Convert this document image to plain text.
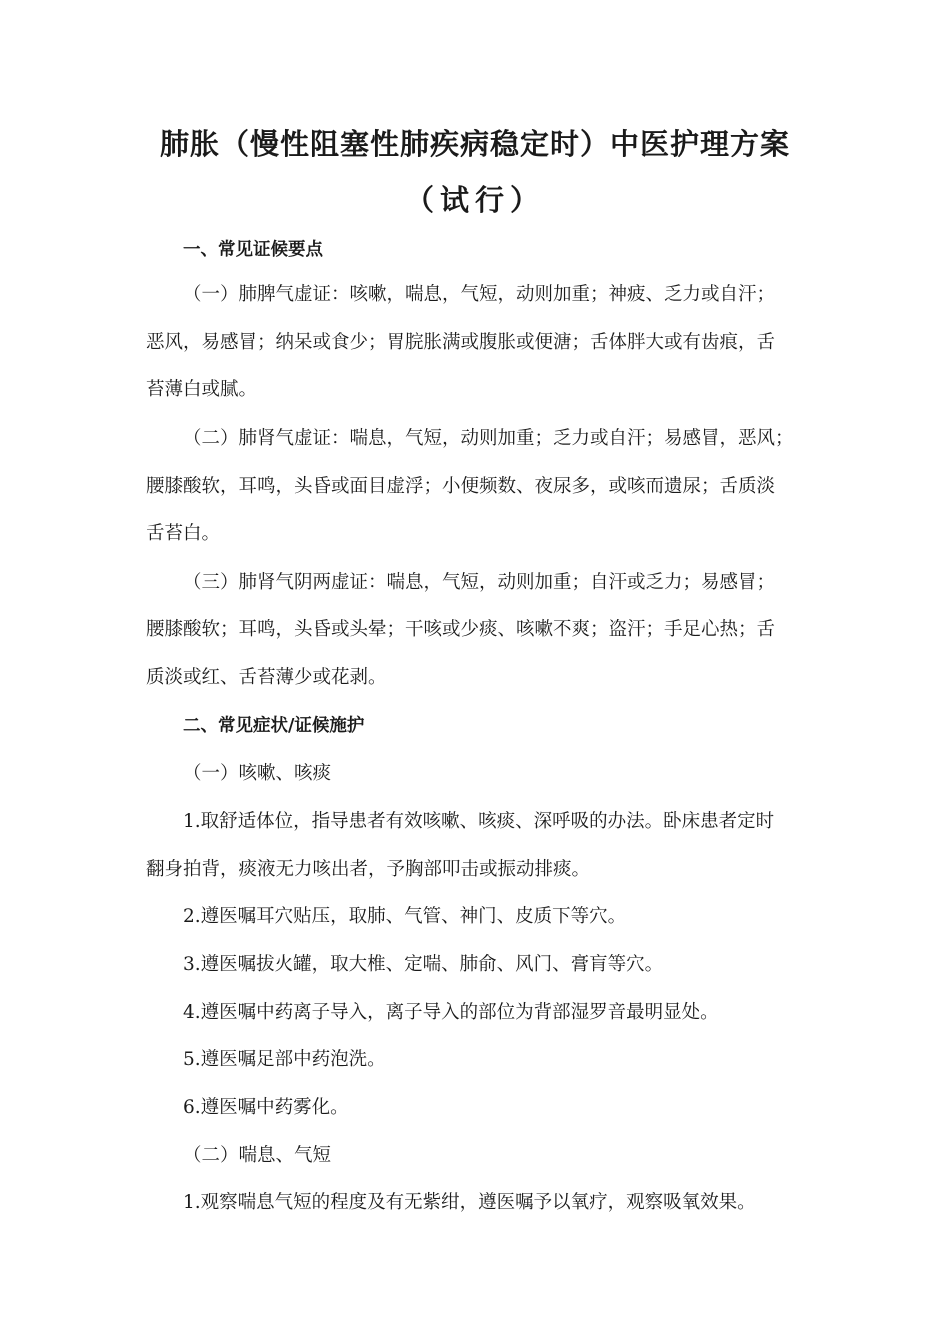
肺胀（慢性阻塞性肺疾病稳定时）中医护理方案
（试行）
一、常见证候要点
（一）肺脾气虚证：咳嗽，喘息，气短，动则加重；神疲、乏力或自汗；
恶风，易感冒；纳呆或食少；胃脘胀满或腹胀或便溏；舌体胖大或有齿痕，舌
苔薄白或腻。
（二）肺肾气虚证：喘息，气短，动则加重；乏力或自汗；易感冒，恶风；
腰膝酸软，耳鸣，头昏或面目虚浮；小便频数、夜尿多，或咳而遗尿；舌质淡
舌苔白。
（三）肺肾气阴两虚证：喘息，气短，动则加重；自汗或乏力；易感冒；
腰膝酸软；耳鸣，头昏或头晕；干咳或少痰、咳嗽不爽；盗汗；手足心热；舌
质淡或红、舌苔薄少或花剥。
二、常见症状/证候施护
（一）咳嗽、咳痰
1.取舒适体位，指导患者有效咳嗽、咳痰、深呼吸的办法。卧床患者定时
翻身拍背，痰液无力咳出者，予胸部叩击或振动排痰。
2.遵医嘱耳穴贴压，取肺、气管、神门、皮质下等穴。
3.遵医嘱拔火罐，取大椎、定喘、肺俞、风门、膏肓等穴。
4.遵医嘱中药离子导入，离子导入的部位为背部湿罗音最明显处。
5.遵医嘱足部中药泡洗。
6.遵医嘱中药雾化。
（二）喘息、气短
1.观察喘息气短的程度及有无紫绀，遵医嘱予以氧疗，观察吸氧效果。
